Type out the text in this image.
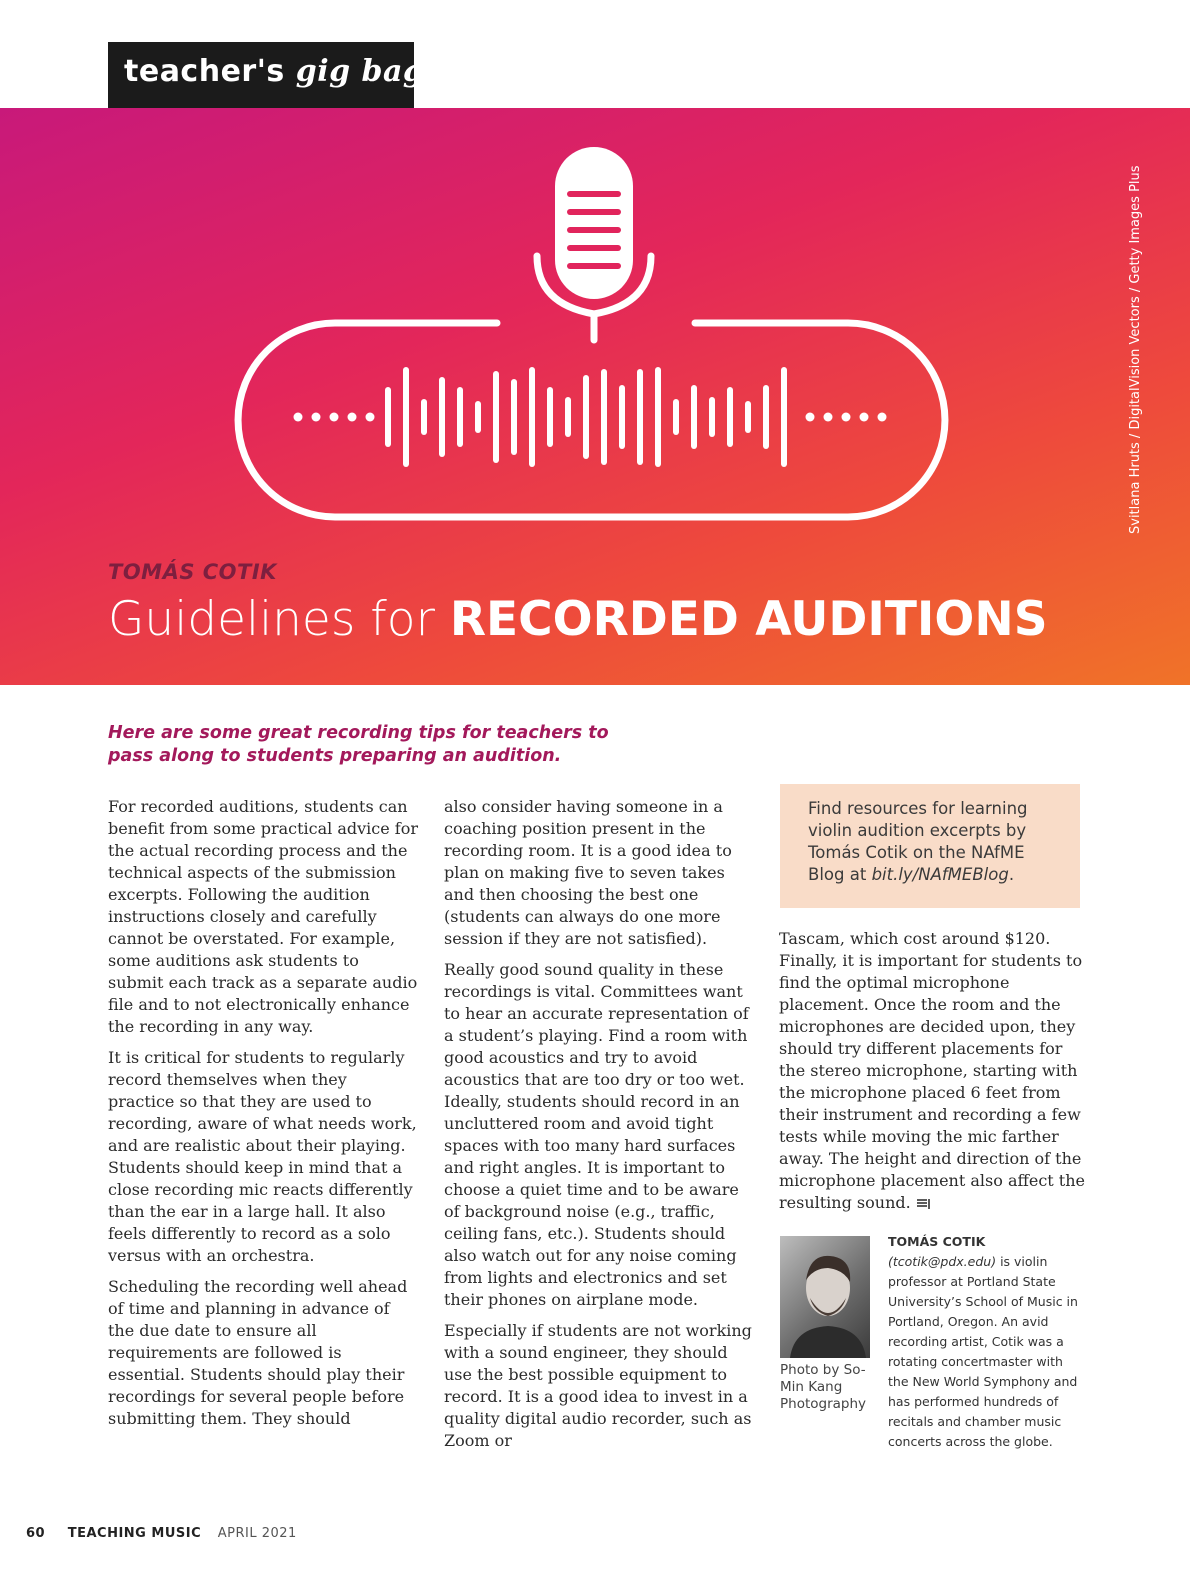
teacher's gig bag
Svitlana Hruts / DigitalVision Vectors / Getty Images Plus
TOMÁS COTIK
Guidelines for RECORDED AUDITIONS
Here are some great recording tips for teachers to pass along to students preparing an audition.

For recorded auditions, students can benefit from some practical advice for the actual recording process and the technical aspects of the submission excerpts. Following the audition instructions closely and carefully cannot be overstated. For example, some auditions ask students to submit each track as a separate audio file and to not electronically enhance the recording in any way.

It is critical for students to regularly record themselves when they practice so that they are used to recording, aware of what needs work, and are realistic about their playing. Students should keep in mind that a close recording mic reacts differently than the ear in a large hall. It also feels differently to record as a solo versus with an orchestra.

Scheduling the recording well ahead of time and planning in advance of the due date to ensure all requirements are followed is essential. Students should play their recordings for several people before submitting them. They should

also consider having someone in a coaching position present in the recording room. It is a good idea to plan on making five to seven takes and then choosing the best one (students can always do one more session if they are not satisfied).

Really good sound quality in these recordings is vital. Committees want to hear an accurate representation of a student’s playing. Find a room with good acoustics and try to avoid acoustics that are too dry or too wet. Ideally, students should record in an uncluttered room and avoid tight spaces with too many hard surfaces and right angles. It is important to choose a quiet time and to be aware of background noise (e.g., traffic, ceiling fans, etc.). Students should also watch out for any noise coming from lights and electronics and set their phones on airplane mode.

Especially if students are not working with a sound engineer, they should use the best possible equipment to record. It is a good idea to invest in a quality digital audio recorder, such as Zoom or

Find resources for learning violin audition excerpts by Tomás Cotik on the NAfME Blog at bit.ly/NAfMEBlog.

Tascam, which cost around $120. Finally, it is important for students to find the optimal microphone placement. Once the room and the microphones are decided upon, they should try different placements for the stereo microphone, starting with the microphone placed 6 feet from their instrument and recording a few tests while moving the mic farther away. The height and direction of the microphone placement also affect the resulting sound.

Photo by So-Min Kang Photography
TOMÁS COTIK (tcotik@pdx.edu) is violin professor at Portland State University’s School of Music in Portland, Oregon. An avid recording artist, Cotik was a rotating concertmaster with the New World Symphony and has performed hundreds of recitals and chamber music concerts across the globe.
60 TEACHING MUSIC APRIL 2021
